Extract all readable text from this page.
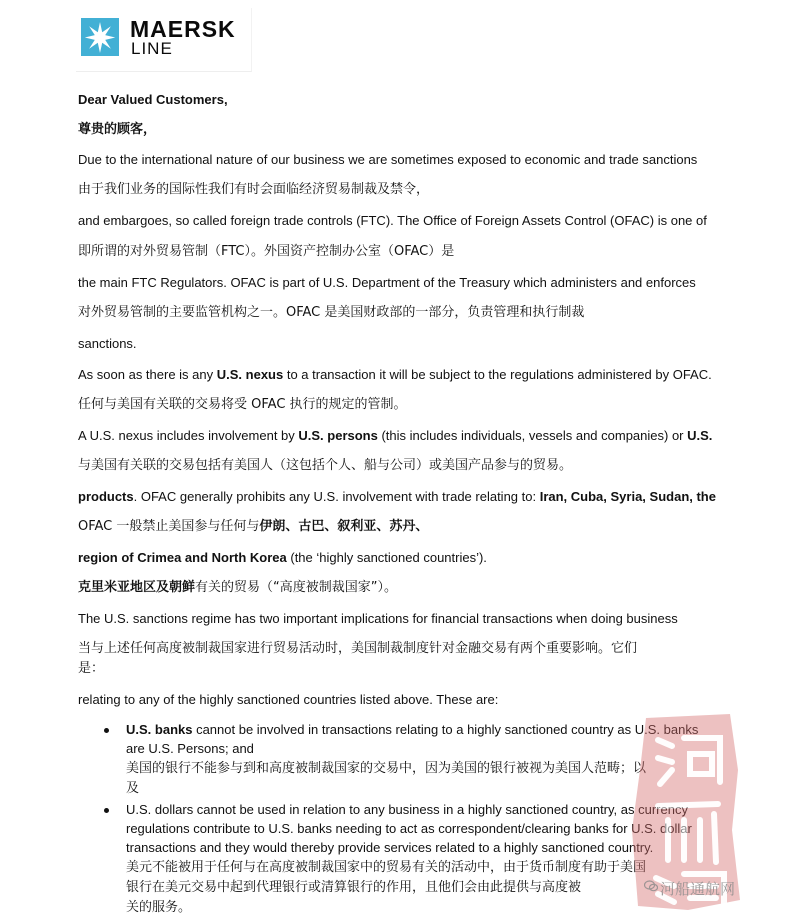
MAERSK
LINE
Dear Valued Customers,
尊贵的顾客，
Due to the international nature of our business we are sometimes exposed to economic and trade sanctions
由于我们业务的国际性我们有时会面临经济贸易制裁及禁令，
and embargoes, so called foreign trade controls (FTC). The Office of Foreign Assets Control (OFAC) is one of
即所谓的对外贸易管制（FTC）。外国资产控制办公室（OFAC）是
the main FTC Regulators. OFAC is part of U.S. Department of the Treasury which administers and enforces
对外贸易管制的主要监管机构之一。OFAC 是美国财政部的一部分，负责管理和执行制裁
sanctions.
As soon as there is any U.S. nexus to a transaction it will be subject to the regulations administered by OFAC.
任何与美国有关联的交易将受 OFAC 执行的规定的管制。
A U.S. nexus includes involvement by U.S. persons (this includes individuals, vessels and companies) or U.S.
与美国有关联的交易包括有美国人（这包括个人、船与公司）或美国产品参与的贸易。
products. OFAC generally prohibits any U.S. involvement with trade relating to: Iran, Cuba, Syria, Sudan, the
OFAC 一般禁止美国参与任何与伊朗、古巴、叙利亚、苏丹、
region of Crimea and North Korea (the ‘highly sanctioned countries’).
克里米亚地区及朝鲜有关的贸易（“高度被制裁国家”）。
The U.S. sanctions regime has two important implications for financial transactions when doing business
当与上述任何高度被制裁国家进行贸易活动时，美国制裁制度针对金融交易有两个重要影响。它们
是：
relating to any of the highly sanctioned countries listed above. These are:
U.S. banks cannot be involved in transactions relating to a highly sanctioned country as U.S. banks
are U.S. Persons; and
美国的银行不能参与到和高度被制裁国家的交易中，因为美国的银行被视为美国人范畴；以
及
U.S. dollars cannot be used in relation to any business in a highly sanctioned country, as currency
regulations contribute to U.S. banks needing to act as correspondent/clearing banks for U.S. dollar
transactions and they would thereby provide services related to a highly sanctioned country.
美元不能被用于任何与在高度被制裁国家中的贸易有关的活动中，由于货币制度有助于美国
银行在美元交易中起到代理银行或清算银行的作用，且他们会由此提供与高度被
关的服务。
河船通航网
